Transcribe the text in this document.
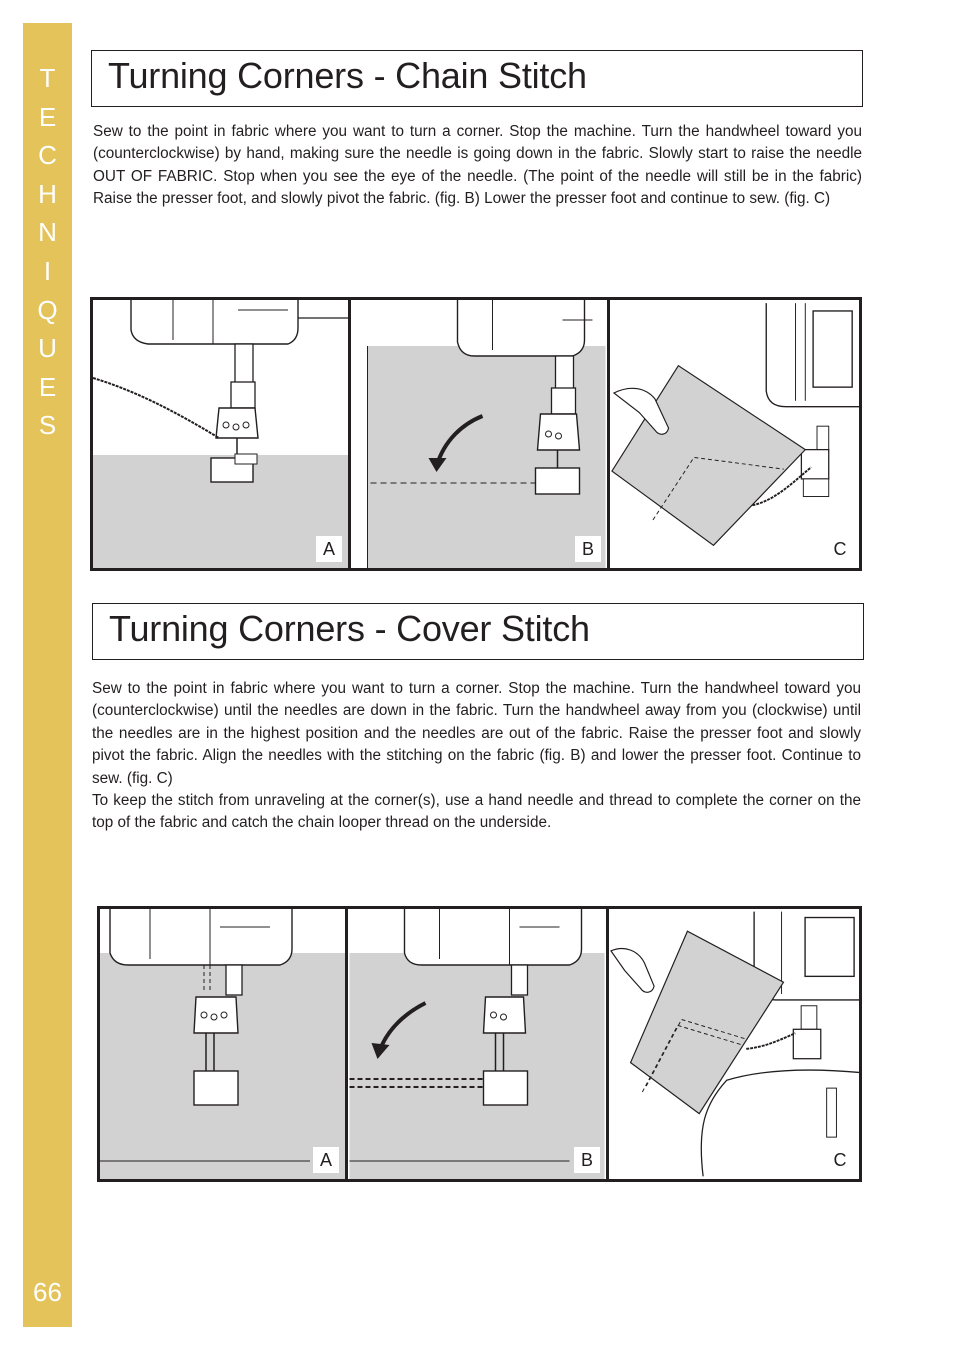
T
E
C
H
N
I
Q
U
E
S
66
Turning Corners - Chain Stitch

Sew to the point in fabric where you want to turn a corner. Stop the machine. Turn the handwheel toward you (counterclockwise) by hand, making sure the needle is going down in the fabric. Slowly start to raise the needle OUT OF FABRIC. Stop when you see the eye of the needle. (The point of the needle will still be in the fabric) Raise the presser foot, and slowly pivot the fabric. (fig. B) Lower the presser foot and continue to sew. (fig. C)

A	B	C
Turning Corners - Cover Stitch

Sew to the point in fabric where you want to turn a corner. Stop the machine. Turn the handwheel toward you (counterclockwise) until the needles are down in the fabric. Turn the handwheel away from you (clockwise) until the needles are in the highest position and the needles are out of the fabric. Raise the presser foot and slowly pivot the fabric. Align the needles with the stitching on the fabric (fig. B) and lower the presser foot. Continue to sew. (fig. C)

To keep the stitch from unraveling at the corner(s), use a hand needle and thread to complete the corner on the top of the fabric and catch the chain looper thread on the underside.

A	B	C
